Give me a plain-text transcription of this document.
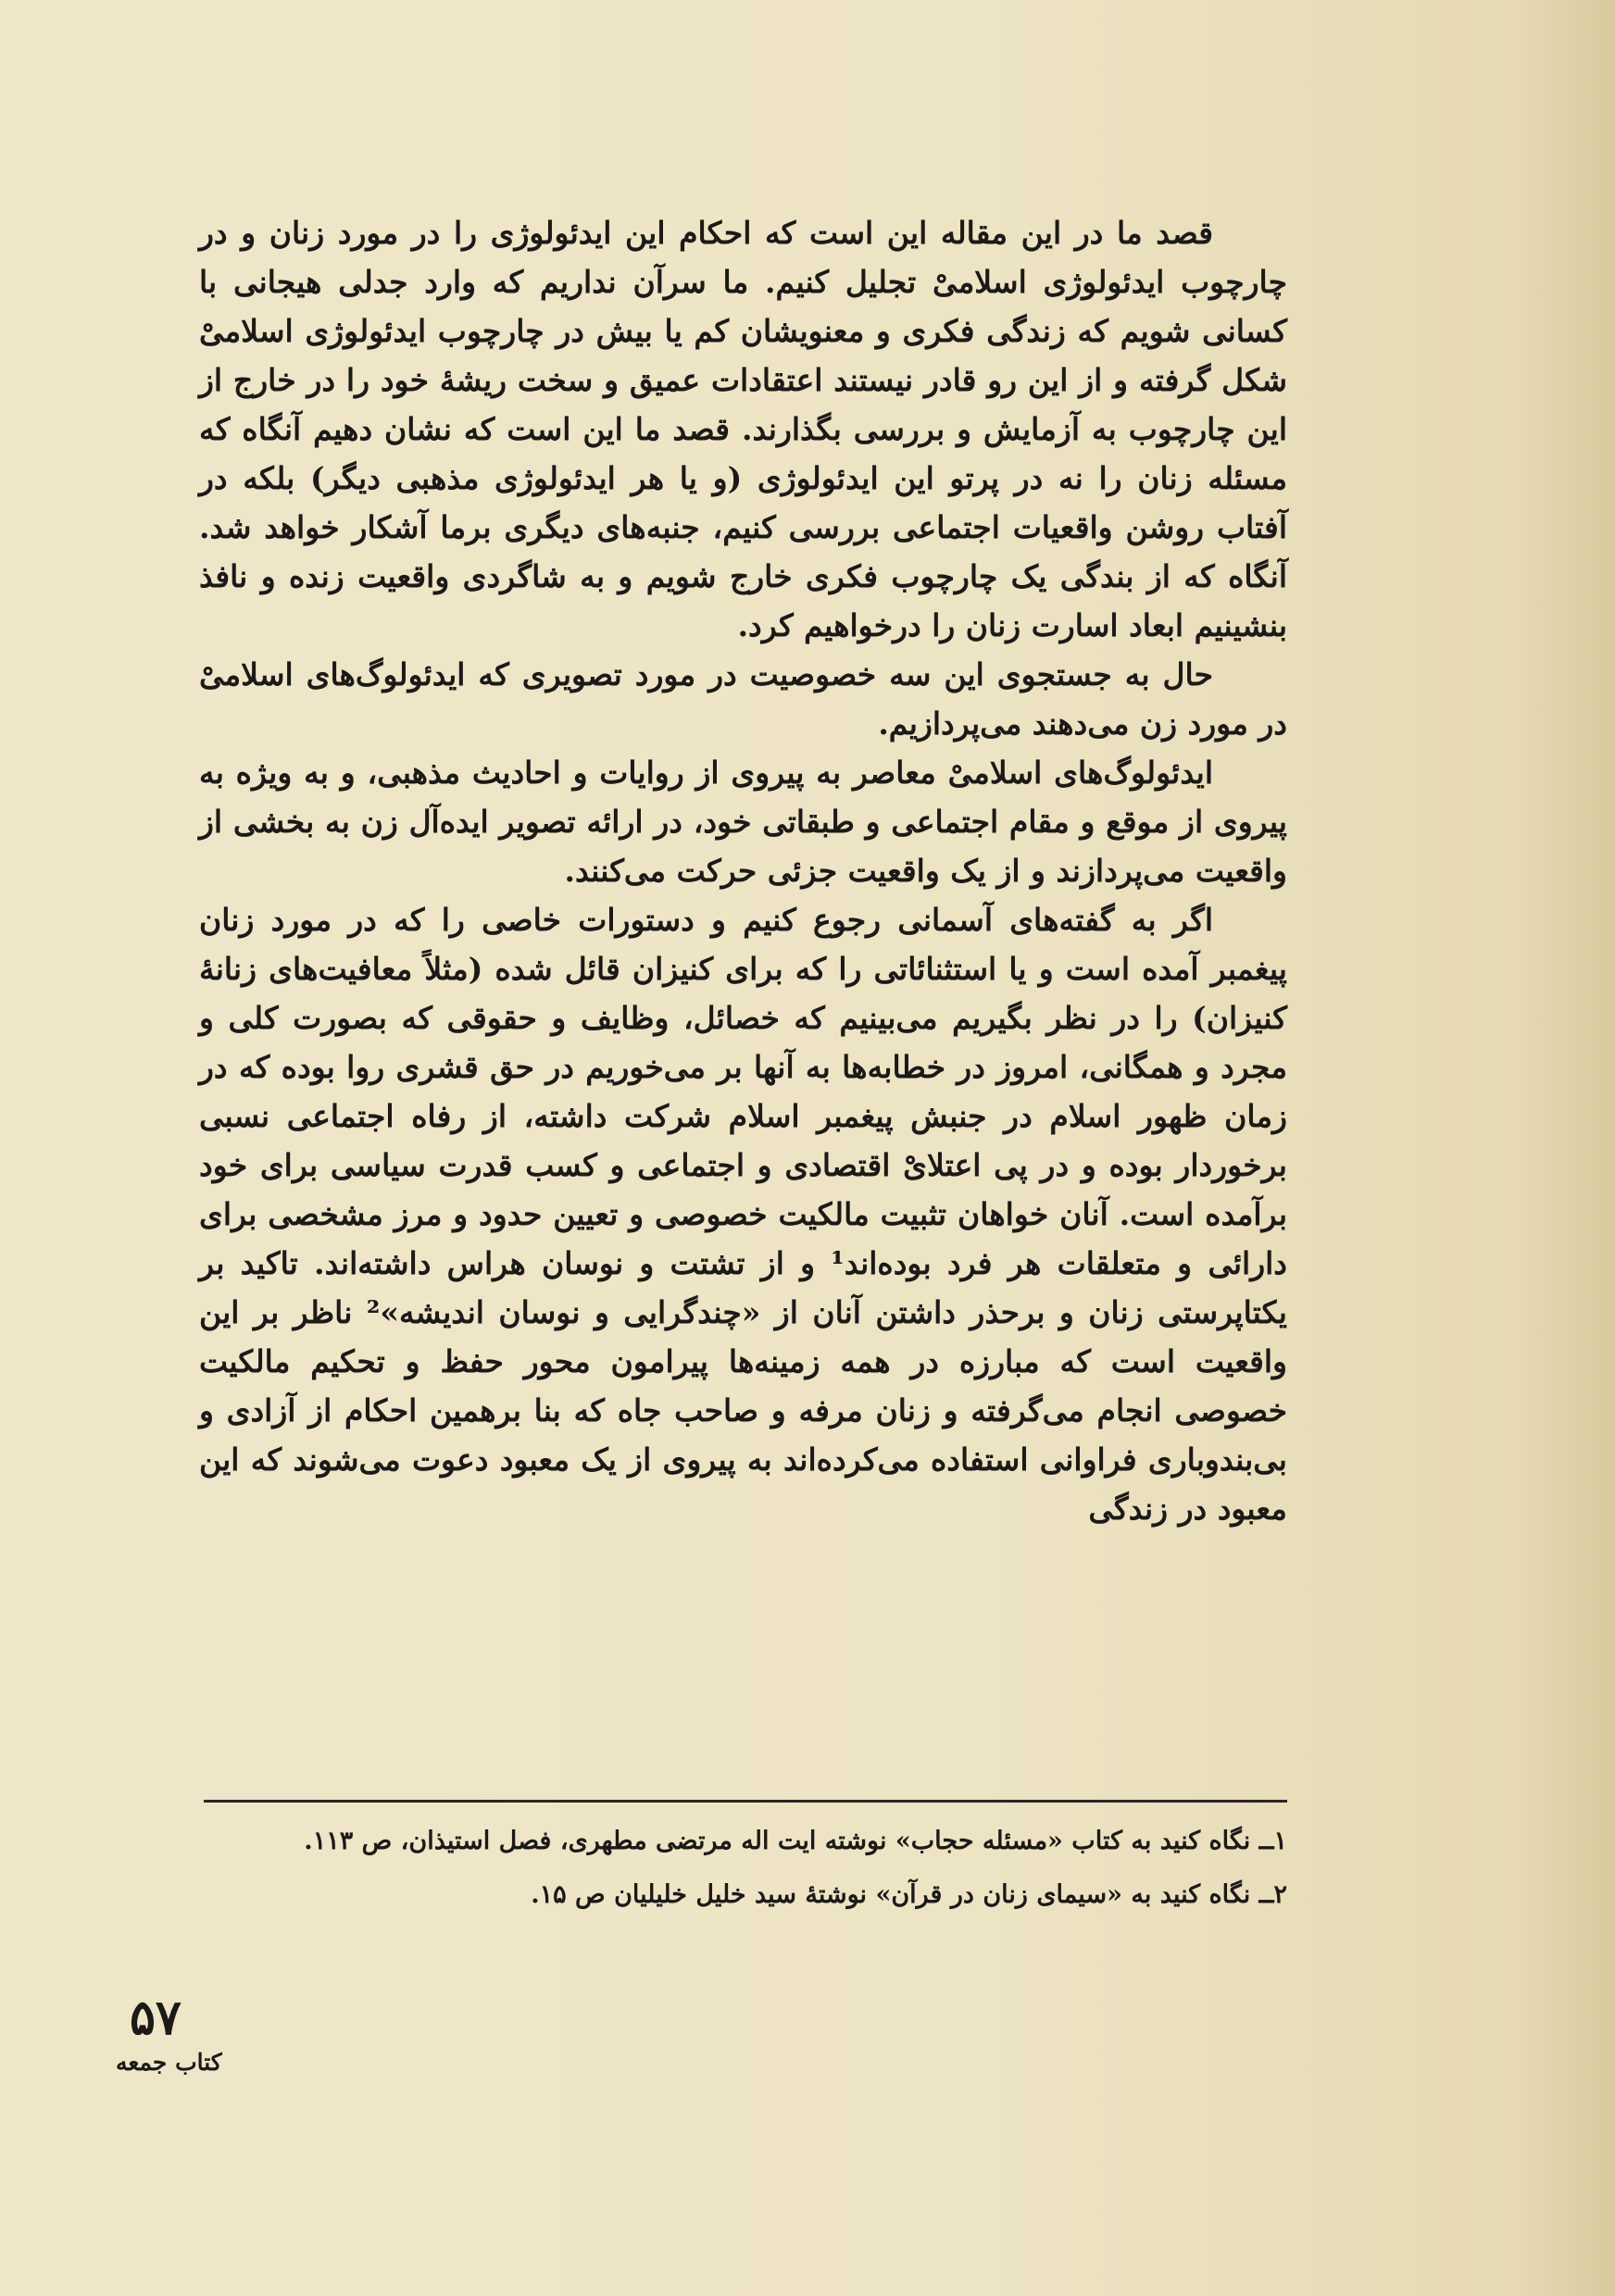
قصد ما در این مقاله این است که احکام این ایدئولوژی را در مورد زنان و در چارچوب ایدئولوژی اسلامیْ تجلیل کنیم. ما سرآن نداریم که وارد جدلی هیجانی با کسانی شویم که زندگی فکری و معنویشان کم یا بیش در چارچوب ایدئولوژی اسلامیْ شکل گرفته و از این رو قادر نیستند اعتقادات عمیق و سخت ریشهٔ خود را در خارج از این چارچوب به آزمایش و بررسی بگذارند. قصد ما این است که نشان دهیم آنگاه که مسئله زنان را نه در پرتو این ایدئولوژی (و یا هر ایدئولوژی مذهبی دیگر) بلکه در آفتاب روشن واقعیات اجتماعی بررسی کنیم، جنبه‌های دیگری برما آشکار خواهد شد. آنگاه که از بندگی یک چارچوب فکری خارج شویم و به شاگردی واقعیت زنده و نافذ بنشینیم ابعاد اسارت زنان را درخواهیم کرد.

حال به جستجوی این سه خصوصیت در مورد تصویری که ایدئولوگ‌های اسلامیْ در مورد زن می‌دهند می‌پردازیم.

ایدئولوگ‌های اسلامیْ معاصر به پیروی از روایات و احادیث مذهبی، و به ویژه به پیروی از موقع و مقام اجتماعی و طبقاتی خود، در ارائه تصویر ایده‌آل زن به بخشی از واقعیت می‌پردازند و از یک واقعیت جزئی حرکت می‌کنند.

اگر به گفته‌های آسمانی رجوع کنیم و دستورات خاصی را که در مورد زنان پیغمبر آمده است و یا استثنائاتی را که برای کنیزان قائل شده (مثلاً معافیت‌های زنانهٔ کنیزان) را در نظر بگیریم می‌بینیم که خصائل، وظایف و حقوقی که بصورت کلی و مجرد و همگانی، امروز در خطابه‌ها به آنها بر می‌خوریم در حق قشری روا بوده که در زمان ظهور اسلام در جنبش پیغمبر اسلام شرکت داشته، از رفاه اجتماعی نسبی برخوردار بوده و در پی اعتلایْ اقتصادی و اجتماعی و کسب قدرت سیاسی برای خود برآمده است. آنان خواهان تثبیت مالکیت خصوصی و تعیین حدود و مرز مشخصی برای دارائی و متعلقات هر فرد بوده‌اند¹ و از تشتت و نوسان هراس داشته‌اند. تاکید بر یکتاپرستی زنان و برحذر داشتن آنان از «چندگرایی و نوسان اندیشه»² ناظر بر این واقعیت است که مبارزه در همه زمینه‌ها پیرامون محور حفظ و تحکیم مالکیت خصوصی انجام می‌گرفته و زنان مرفه و صاحب جاه که بنا برهمین احکام از آزادی و بی‌بندوباری فراوانی استفاده می‌کرده‌اند به پیروی از یک معبود دعوت می‌شوند که این معبود در زندگی

۱ــ نگاه کنید به کتاب «مسئله حجاب» نوشته ایت اله مرتضی مطهری، فصل استیذان، ص ۱۱۳.

۲ــ نگاه کنید به «سیمای زنان در قرآن» نوشتهٔ سید خلیل خلیلیان ص ۱۵.

۵۷
کتاب جمعه
